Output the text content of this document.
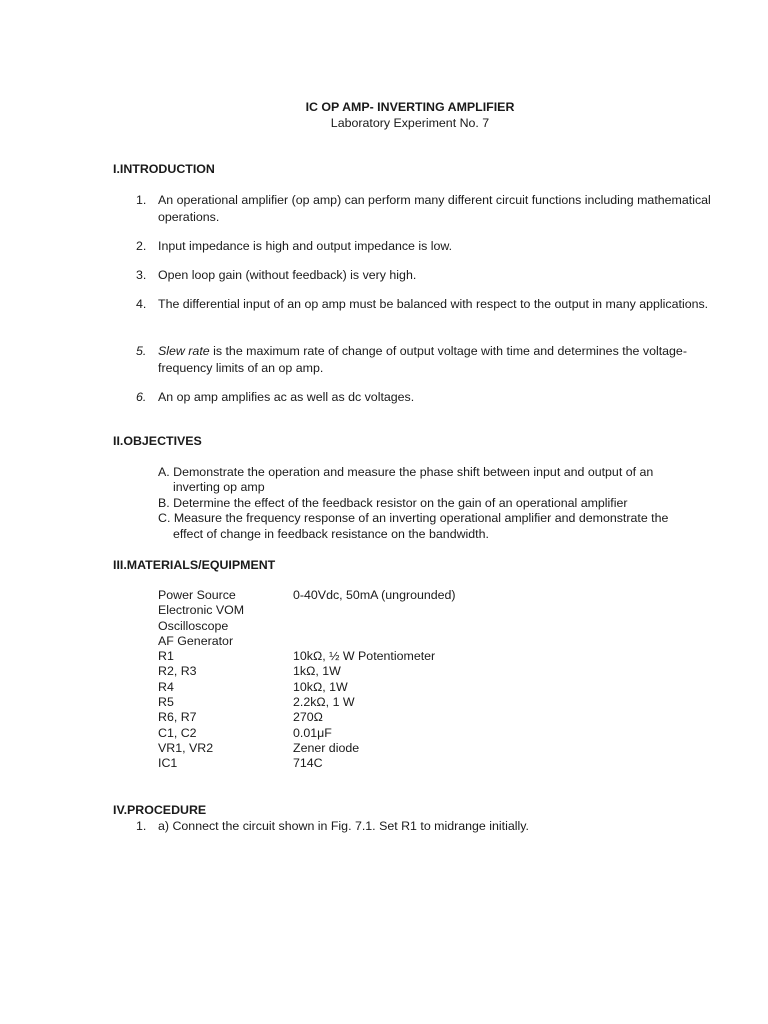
IC OP AMP- INVERTING AMPLIFIER
Laboratory Experiment No. 7
I.INTRODUCTION
1. An operational amplifier (op amp) can perform many different circuit functions including mathematical operations.
2. Input impedance is high and output impedance is low.
3. Open loop gain (without feedback) is very high.
4. The differential input of an op amp must be balanced with respect to the output in many applications.
5. Slew rate is the maximum rate of change of output voltage with time and determines the voltage-frequency limits of an op amp.
6. An op amp amplifies ac as well as dc voltages.
II.OBJECTIVES
A. Demonstrate the operation and measure the phase shift between input and output of an inverting op amp
B. Determine the effect of the feedback resistor on the gain of an operational amplifier
C. Measure the frequency response of an inverting operational amplifier and demonstrate the effect of change in feedback resistance on the bandwidth.
III.MATERIALS/EQUIPMENT
Power Source	0-40Vdc, 50mA (ungrounded)
Electronic VOM
Oscilloscope
AF Generator
R1	10kΩ, ½ W Potentiometer
R2, R3	1kΩ, 1W
R4	10kΩ, 1W
R5	2.2kΩ, 1 W
R6, R7	270Ω
C1, C2	0.01μF
VR1, VR2	Zener diode
IC1	714C
IV.PROCEDURE
1. a) Connect the circuit shown in Fig. 7.1. Set R1 to midrange initially.
